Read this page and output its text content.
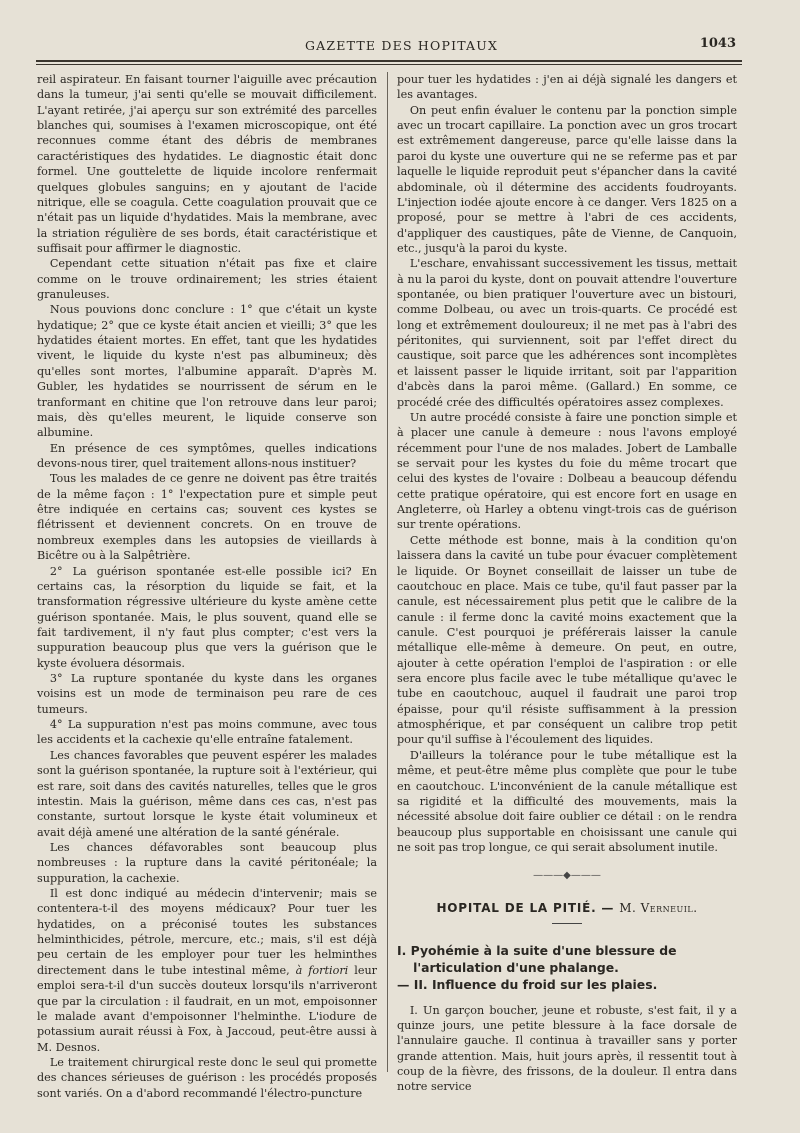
GAZETTE DES HOPITAUX	1043

reil aspirateur. En faisant tourner l'aiguille avec précaution dans la tumeur, j'ai senti qu'elle se mouvait difficilement. L'ayant retirée, j'ai aperçu sur son extrémité des parcelles blanches qui, soumises à l'examen microscopique, ont été reconnues comme étant des débris de membranes caractéristiques des hydatides. Le diagnostic était donc formel. Une gouttelette de liquide incolore renfermait quelques globules sanguins; en y ajoutant de l'acide nitrique, elle se coagula. Cette coagulation prouvait que ce n'était pas un liquide d'hydatides. Mais la membrane, avec la striation régulière de ses bords, était caractéristique et suffisait pour affirmer le diagnostic.

Cependant cette situation n'était pas fixe et claire comme on le trouve ordinairement; les stries étaient granuleuses.

Nous pouvions donc conclure : 1° que c'était un kyste hydatique; 2° que ce kyste était ancien et vieilli; 3° que les hydatides étaient mortes. En effet, tant que les hydatides vivent, le liquide du kyste n'est pas albumineux; dès qu'elles sont mortes, l'albumine apparaît. D'après M. Gubler, les hydatides se nourrissent de sérum en le tranformant en chitine que l'on retrouve dans leur paroi; mais, dès qu'elles meurent, le liquide conserve son albumine.

En présence de ces symptômes, quelles indications devons-nous tirer, quel traitement allons-nous instituer?

Tous les malades de ce genre ne doivent pas être traités de la même façon : 1° l'expectation pure et simple peut être indiquée en certains cas; souvent ces kystes se flétrissent et deviennent concrets. On en trouve de nombreux exemples dans les autopsies de vieillards à Bicêtre ou à la Salpêtrière.

2° La guérison spontanée est-elle possible ici? En certains cas, la résorption du liquide se fait, et la transformation régressive ultérieure du kyste amène cette guérison spontanée. Mais, le plus souvent, quand elle se fait tardivement, il n'y faut plus compter; c'est vers la suppuration beaucoup plus que vers la guérison que le kyste évoluera désormais.

3° La rupture spontanée du kyste dans les organes voisins est un mode de terminaison peu rare de ces tumeurs.

4° La suppuration n'est pas moins commune, avec tous les accidents et la cachexie qu'elle entraîne fatalement.

Les chances favorables que peuvent espérer les malades sont la guérison spontanée, la rupture soit à l'extérieur, qui est rare, soit dans des cavités naturelles, telles que le gros intestin. Mais la guérison, même dans ces cas, n'est pas constante, surtout lorsque le kyste était volumineux et avait déjà amené une altération de la santé générale.

Les chances défavorables sont beaucoup plus nombreuses : la rupture dans la cavité péritonéale; la suppuration, la cachexie.

Il est donc indiqué au médecin d'intervenir; mais se contentera-t-il des moyens médicaux? Pour tuer les hydatides, on a préconisé toutes les substances helminthicides, pétrole, mercure, etc.; mais, s'il est déjà peu certain de les employer pour tuer les helminthes directement dans le tube intestinal même, à fortiori leur emploi sera-t-il d'un succès douteux lorsqu'ils n'arriveront que par la circulation : il faudrait, en un mot, empoisonner le malade avant d'empoisonner l'helminthe. L'iodure de potassium aurait réussi à Fox, à Jaccoud, peut-être aussi à M. Desnos.

Le traitement chirurgical reste donc le seul qui promette des chances sérieuses de guérison : les procédés proposés sont variés. On a d'abord recommandé l'électro-puncture

pour tuer les hydatides : j'en ai déjà signalé les dangers et les avantages.

On peut enfin évaluer le contenu par la ponction simple avec un trocart capillaire. La ponction avec un gros trocart est extrêmement dangereuse, parce qu'elle laisse dans la paroi du kyste une ouverture qui ne se referme pas et par laquelle le liquide reproduit peut s'épancher dans la cavité abdominale, où il détermine des accidents foudroyants. L'injection iodée ajoute encore à ce danger. Vers 1825 on a proposé, pour se mettre à l'abri de ces accidents, d'appliquer des caustiques, pâte de Vienne, de Canquoin, etc., jusqu'à la paroi du kyste.

L'eschare, envahissant successivement les tissus, mettait à nu la paroi du kyste, dont on pouvait attendre l'ouverture spontanée, ou bien pratiquer l'ouverture avec un bistouri, comme Dolbeau, ou avec un trois-quarts. Ce procédé est long et extrêmement douloureux; il ne met pas à l'abri des péritonites, qui surviennent, soit par l'effet direct du caustique, soit parce que les adhérences sont incomplètes et laissent passer le liquide irritant, soit par l'apparition d'abcès dans la paroi même. (Gallard.) En somme, ce procédé crée des difficultés opératoires assez complexes.

Un autre procédé consiste à faire une ponction simple et à placer une canule à demeure : nous l'avons employé récemment pour l'une de nos malades. Jobert de Lamballe se servait pour les kystes du foie du même trocart que celui des kystes de l'ovaire : Dolbeau a beaucoup défendu cette pratique opératoire, qui est encore fort en usage en Angleterre, où Harley a obtenu vingt-trois cas de guérison sur trente opérations.

Cette méthode est bonne, mais à la condition qu'on laissera dans la cavité un tube pour évacuer complètement le liquide. Or Boynet conseillait de laisser un tube de caoutchouc en place. Mais ce tube, qu'il faut passer par la canule, est nécessairement plus petit que le calibre de la canule : il ferme donc la cavité moins exactement que la canule. C'est pourquoi je préférerais laisser la canule métallique elle-même à demeure. On peut, en outre, ajouter à cette opération l'emploi de l'aspiration : or elle sera encore plus facile avec le tube métallique qu'avec le tube en caoutchouc, auquel il faudrait une paroi trop épaisse, pour qu'il résiste suffisamment à la pression atmosphérique, et par conséquent un calibre trop petit pour qu'il suffise à l'écoulement des liquides.

D'ailleurs la tolérance pour le tube métallique est la même, et peut-être même plus complète que pour le tube en caoutchouc. L'inconvénient de la canule métallique est sa rigidité et la difficulté des mouvements, mais la nécessité absolue doit faire oublier ce détail : on le rendra beaucoup plus supportable en choisissant une canule qui ne soit pas trop longue, ce qui serait absolument inutile.

———◆———
HOPITAL DE LA PITIÉ. — M. Verneuil.
I. Pyohémie à la suite d'une blessure de l'articulation d'une phalange.
— II. Influence du froid sur les plaies.

I. Un garçon boucher, jeune et robuste, s'est fait, il y a quinze jours, une petite blessure à la face dorsale de l'annulaire gauche. Il continua à travailler sans y porter grande attention. Mais, huit jours après, il ressentit tout à coup de la fièvre, des frissons, de la douleur. Il entra dans notre service
